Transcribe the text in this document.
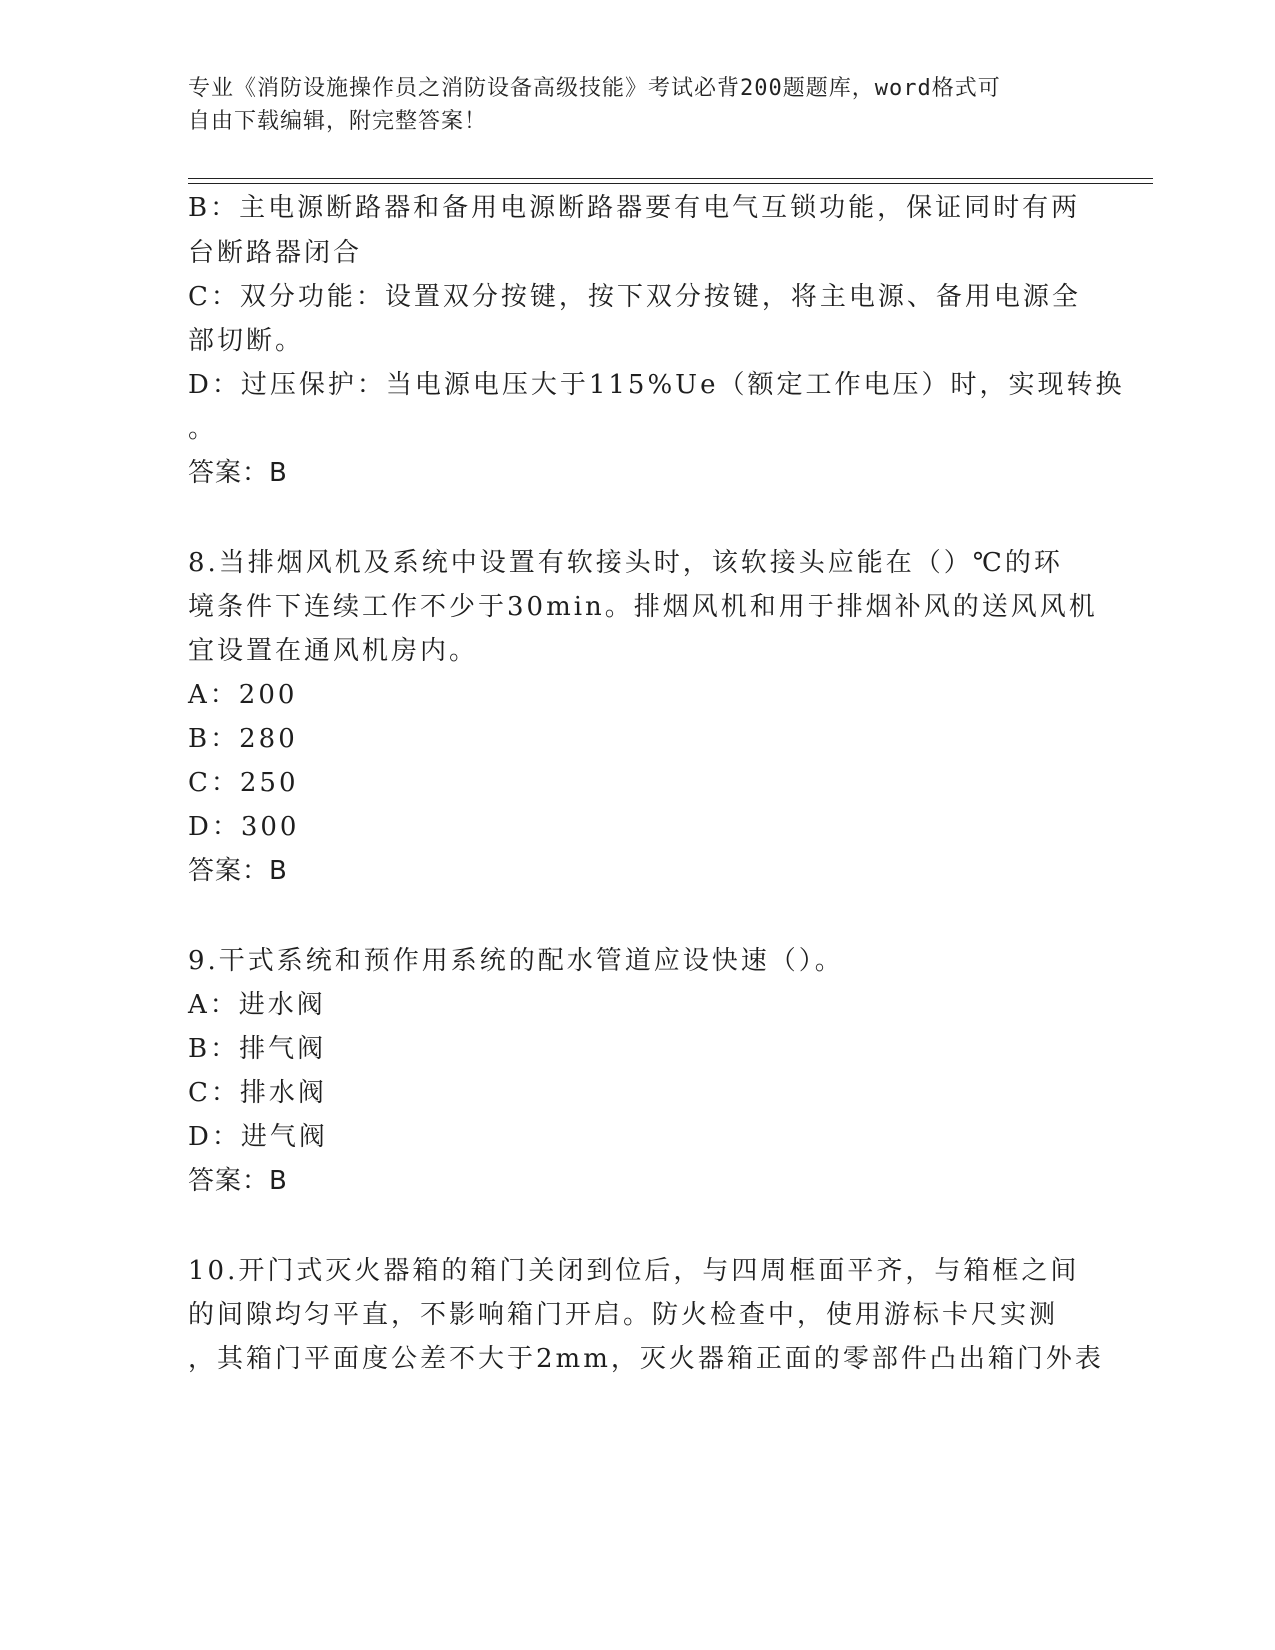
专业《消防设施操作员之消防设备高级技能》考试必背200题题库，word格式可
自由下载编辑，附完整答案！
B：主电源断路器和备用电源断路器要有电气互锁功能，保证同时有两
台断路器闭合
C：双分功能：设置双分按键，按下双分按键，将主电源、备用电源全
部切断。
D：过压保护：当电源电压大于115%Ue（额定工作电压）时，实现转换
。
答案：B
8.当排烟风机及系统中设置有软接头时，该软接头应能在（）℃的环
境条件下连续工作不少于30min。排烟风机和用于排烟补风的送风风机
宜设置在通风机房内。
A：200
B：280
C：250
D：300
答案：B
9.干式系统和预作用系统的配水管道应设快速（）。
A：进水阀
B：排气阀
C：排水阀
D：进气阀
答案：B
10.开门式灭火器箱的箱门关闭到位后，与四周框面平齐，与箱框之间
的间隙均匀平直，不影响箱门开启。防火检查中，使用游标卡尺实测
，其箱门平面度公差不大于2mm，灭火器箱正面的零部件凸出箱门外表
